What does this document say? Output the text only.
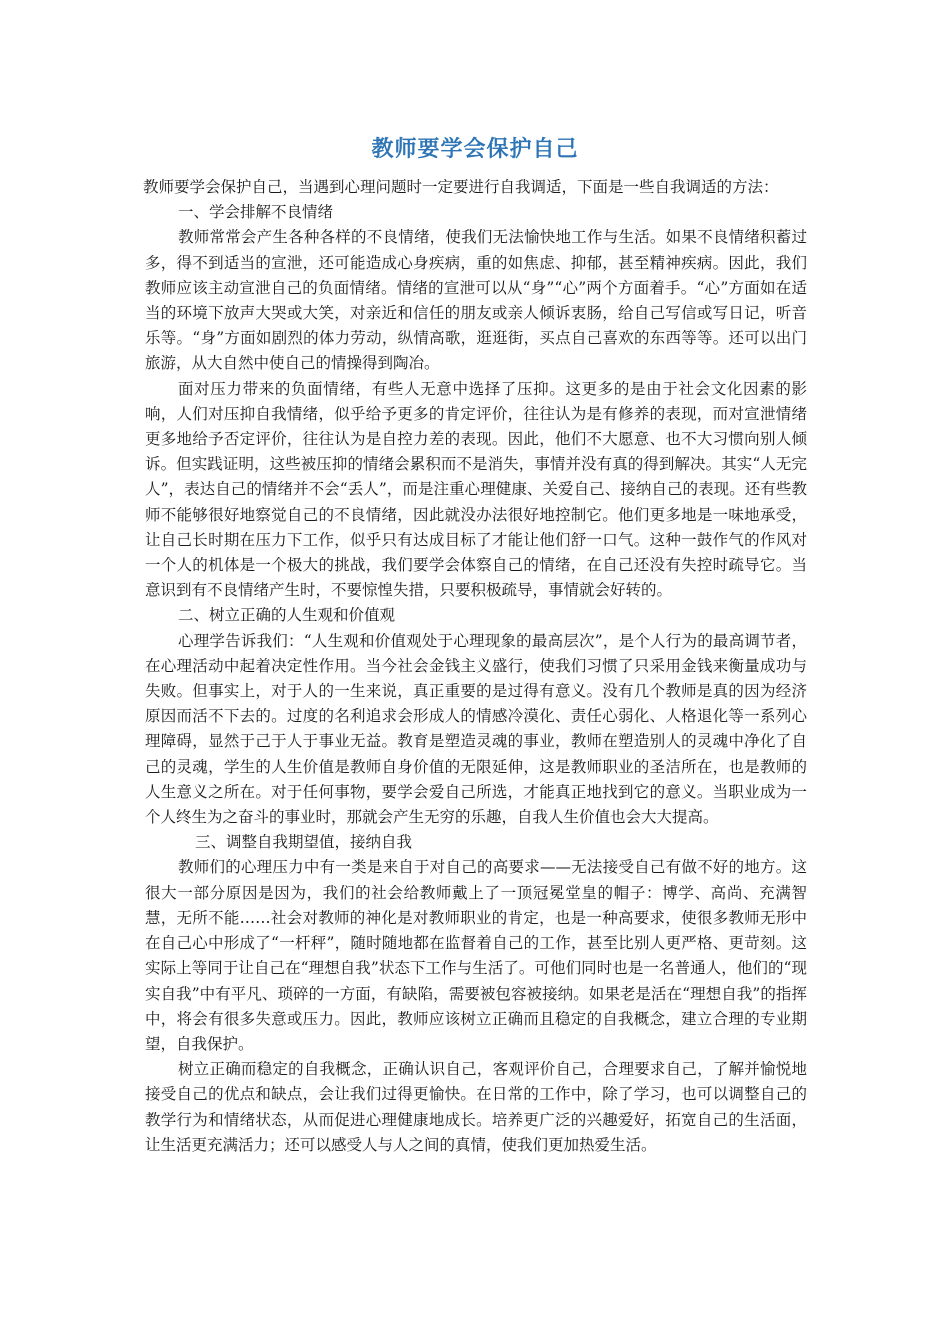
教师要学会保护自己

教师要学会保护自己，当遇到心理问题时一定要进行自我调适，下面是一些自我调适的方法：

一、学会排解不良情绪

教师常常会产生各种各样的不良情绪，使我们无法愉快地工作与生活。如果不良情绪积蓄过多，得不到适当的宣泄，还可能造成心身疾病，重的如焦虑、抑郁，甚至精神疾病。因此，我们教师应该主动宣泄自己的负面情绪。情绪的宣泄可以从“身”“心”两个方面着手。“心”方面如在适当的环境下放声大哭或大笑，对亲近和信任的朋友或亲人倾诉衷肠，给自己写信或写日记，听音乐等。“身”方面如剧烈的体力劳动，纵情高歌，逛逛街，买点自己喜欢的东西等等。还可以出门旅游，从大自然中使自己的情操得到陶冶。

面对压力带来的负面情绪，有些人无意中选择了压抑。这更多的是由于社会文化因素的影响，人们对压抑自我情绪，似乎给予更多的肯定评价，往往认为是有修养的表现，而对宣泄情绪更多地给予否定评价，往往认为是自控力差的表现。因此，他们不大愿意、也不大习惯向别人倾诉。但实践证明，这些被压抑的情绪会累积而不是消失，事情并没有真的得到解决。其实“人无完人”，表达自己的情绪并不会“丢人”，而是注重心理健康、关爱自己、接纳自己的表现。还有些教师不能够很好地察觉自己的不良情绪，因此就没办法很好地控制它。他们更多地是一味地承受，让自己长时期在压力下工作，似乎只有达成目标了才能让他们舒一口气。这种一鼓作气的作风对一个人的机体是一个极大的挑战，我们要学会体察自己的情绪，在自己还没有失控时疏导它。当意识到有不良情绪产生时，不要惊惶失措，只要积极疏导，事情就会好转的。

二、树立正确的人生观和价值观

心理学告诉我们：“人生观和价值观处于心理现象的最高层次”，是个人行为的最高调节者，在心理活动中起着决定性作用。当今社会金钱主义盛行，使我们习惯了只采用金钱来衡量成功与失败。但事实上，对于人的一生来说，真正重要的是过得有意义。没有几个教师是真的因为经济原因而活不下去的。过度的名利追求会形成人的情感冷漠化、责任心弱化、人格退化等一系列心理障碍，显然于己于人于事业无益。教育是塑造灵魂的事业，教师在塑造别人的灵魂中净化了自己的灵魂，学生的人生价值是教师自身价值的无限延伸，这是教师职业的圣洁所在，也是教师的人生意义之所在。对于任何事物，要学会爱自己所选，才能真正地找到它的意义。当职业成为一个人终生为之奋斗的事业时，那就会产生无穷的乐趣，自我人生价值也会大大提高。

三、调整自我期望值，接纳自我

教师们的心理压力中有一类是来自于对自己的高要求——无法接受自己有做不好的地方。这很大一部分原因是因为，我们的社会给教师戴上了一顶冠冕堂皇的帽子：博学、高尚、充满智慧，无所不能……社会对教师的神化是对教师职业的肯定，也是一种高要求，使很多教师无形中在自己心中形成了“一杆秤”，随时随地都在监督着自己的工作，甚至比别人更严格、更苛刻。这实际上等同于让自己在“理想自我”状态下工作与生活了。可他们同时也是一名普通人，他们的“现实自我”中有平凡、琐碎的一方面，有缺陷，需要被包容被接纳。如果老是活在“理想自我”的指挥中，将会有很多失意或压力。因此，教师应该树立正确而且稳定的自我概念，建立合理的专业期望，自我保护。

树立正确而稳定的自我概念，正确认识自己，客观评价自己，合理要求自己，了解并愉悦地接受自己的优点和缺点，会让我们过得更愉快。在日常的工作中，除了学习，也可以调整自己的教学行为和情绪状态，从而促进心理健康地成长。培养更广泛的兴趣爱好，拓宽自己的生活面，让生活更充满活力；还可以感受人与人之间的真情，使我们更加热爱生活。
